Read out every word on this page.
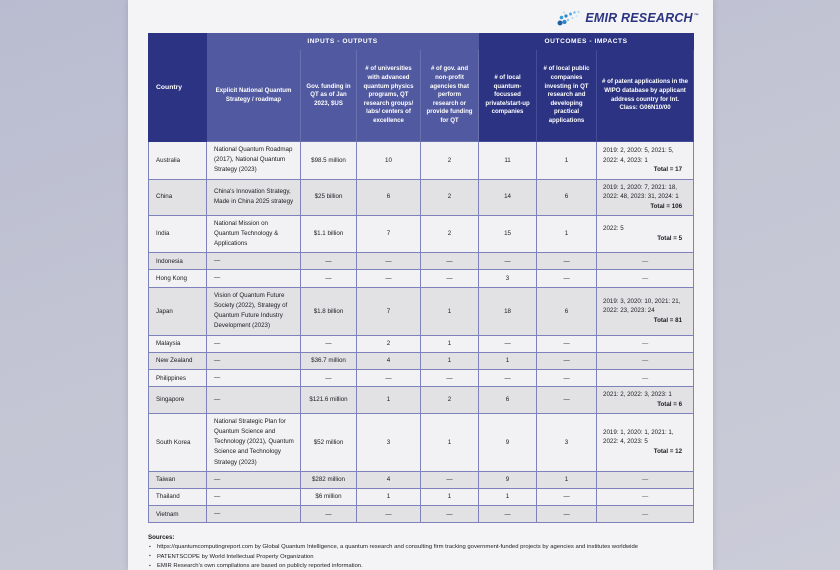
EMIR RESEARCH™
Country	INPUTS - OUTPUTS				OUTCOMES - IMPACTS		
	Explicit National Quantum Strategy / roadmap	Gov. funding in QT as of Jan 2023, $US	# of universities with advanced quantum physics programs, QT research groups/ labs/ centers of excellence	# of gov. and non-profit agencies that perform research or provide funding for QT	# of local quantum-focussed private/start-up companies	# of local public companies investing in QT research and developing practical applications	# of patent applications in the WIPO database by applicant address country for Int. Class: G06N10/00
Australia	National Quantum Roadmap (2017), National Quantum Strategy (2023)	$98.5 million	10	2	11	1	2019: 2, 2020: 5, 2021: 5, 2022: 4, 2023: 1
Total = 17

China	China's Innovation Strategy, Made in China 2025 strategy	$25 billion	6	2	14	6	2019: 1, 2020: 7, 2021: 18, 2022: 48, 2023: 31, 2024: 1
Total = 106

India	National Mission on Quantum Technology & Applications	$1.1 billion	7	2	15	1	2022: 5
Total = 5

Indonesia	—	—	—	—	—	—	—
Hong Kong	—	—	—	—	3	—	—
Japan	Vision of Quantum Future Society (2022), Strategy of Quantum Future Industry Development (2023)	$1.8 billion	7	1	18	6	2019: 3, 2020: 10, 2021: 21, 2022: 23, 2023: 24
Total = 81

Malaysia	—	—	2	1	—	—	—
New Zealand	—	$36.7 million	4	1	1	—	—
Philippines	—	—	—	—	—	—	—
Singapore	—	$121.6 million	1	2	6	—	2021: 2, 2022: 3, 2023: 1
Total = 6

South Korea	National Strategic Plan for Quantum Science and Technology (2021), Quantum Science and Technology Strategy (2023)	$52 million	3	1	9	3	2019: 1, 2020: 1, 2021: 1, 2022: 4, 2023: 5
Total = 12

Taiwan	—	$282 million	4	—	9	1	—
Thailand	—	$6 million	1	1	1	—	—
Vietnam	—	—	—	—	—	—	—
Sources:
▪ https://quantumcomputingreport.com by Global Quantum Intelligence, a quantum research and consulting firm tracking government-funded projects by agencies and institutes worldwide
▪ PATENTSCOPE by World Intellectual Property Organization
▪ EMIR Research's own compilations are based on publicly reported information.
